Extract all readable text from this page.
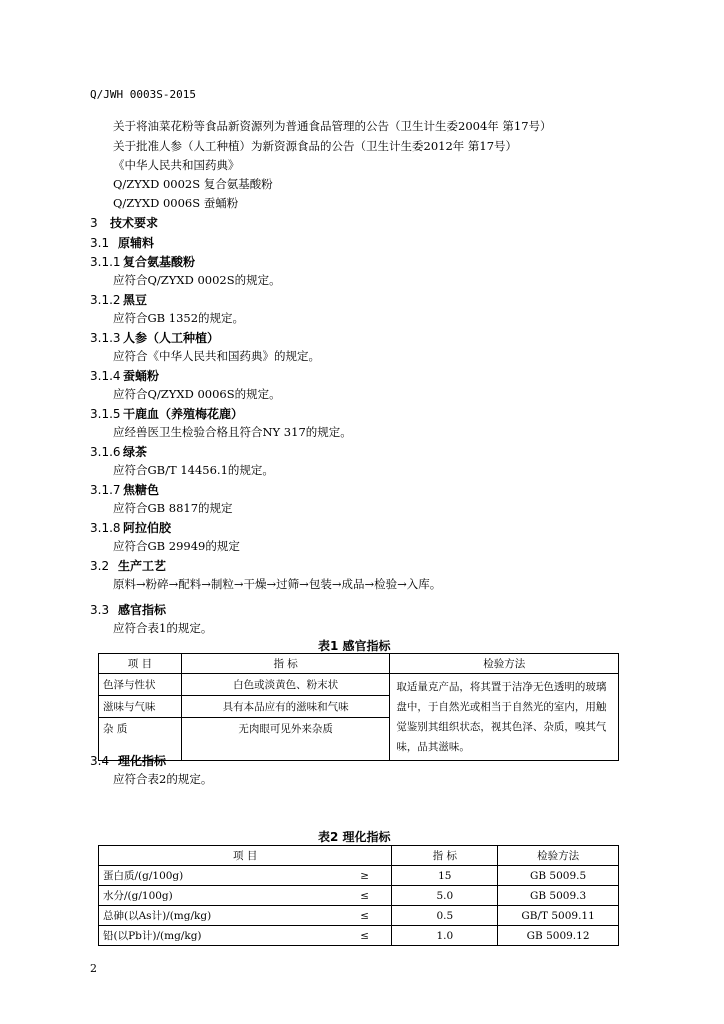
Q/JWH 0003S-2015
关于将油菜花粉等食品新资源列为普通食品管理的公告（卫生计生委2004年 第17号）
关于批准人参（人工种植）为新资源食品的公告（卫生计生委2012年 第17号）
《中华人民共和国药典》
Q/ZYXD 0002S 复合氨基酸粉
Q/ZYXD 0006S 蚕蛹粉
3 技术要求
3.1 原辅料
3.1.1 复合氨基酸粉
应符合Q/ZYXD 0002S的规定。
3.1.2 黑豆
应符合GB 1352的规定。
3.1.3 人参（人工种植）
应符合《中华人民共和国药典》的规定。
3.1.4 蚕蛹粉
应符合Q/ZYXD 0006S的规定。
3.1.5 干鹿血（养殖梅花鹿）
应经兽医卫生检验合格且符合NY 317的规定。
3.1.6 绿茶
应符合GB/T 14456.1的规定。
3.1.7 焦糖色
应符合GB 8817的规定
3.1.8 阿拉伯胶
应符合GB 29949的规定
3.2 生产工艺
原料→粉碎→配料→制粒→干燥→过筛→包装→成品→检验→入库。
3.3 感官指标
应符合表1的规定。
表1 感官指标
项 目	指 标	检验方法
色泽与性状	白色或淡黄色、粉末状	取适量克产品，将其置于洁净无色透明的玻璃盘中，于自然光或相当于自然光的室内，用触觉鉴别其组织状态，视其色泽、杂质，嗅其气味，品其滋味。
滋味与气味	具有本品应有的滋味和气味	
杂 质	无肉眼可见外来杂质	
3.4 理化指标
应符合表2的规定。
表2 理化指标
项 目		指 标	检验方法
蛋白质/(g/100g)	≥	15	GB 5009.5
水分/(g/100g)	≤	5.0	GB 5009.3
总砷(以As计)/(mg/kg)	≤	0.5	GB/T 5009.11
铅(以Pb计)/(mg/kg)	≤	1.0	GB 5009.12
2
